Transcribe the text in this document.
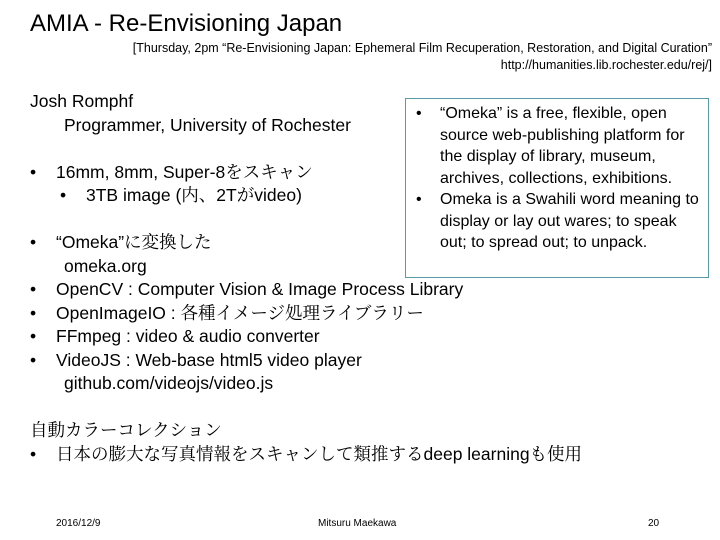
AMIA - Re-Envisioning Japan
[Thursday, 2pm “Re-Envisioning Japan: Ephemeral Film Recuperation, Restoration, and Digital Curation”
http://humanities.lib.rochester.edu/rej/]
Josh Romphf
Programmer, University of Rochester
• 16mm, 8mm, Super-8をスキャン
• 3TB image (内、2Tがvideo)
• “Omeka”に変換した
omeka.org
• OpenCV : Computer Vision & Image Process Library
• OpenImageIO : 各種イメージ処理ライブラリー
• FFmpeg : video & audio converter
• VideoJS : Web-base html5 video player
github.com/videojs/video.js
自動カラーコレクション
• 日本の膨大な写真情報をスキャンして類推するdeep learningも使用
• “Omeka” is a free, flexible, open source web-publishing platform for the display of library, museum, archives, collections, exhibitions.
• Omeka is a Swahili word meaning to display or lay out wares; to speak out; to spread out; to unpack.
2016/12/9	Mitsuru Maekawa	20
